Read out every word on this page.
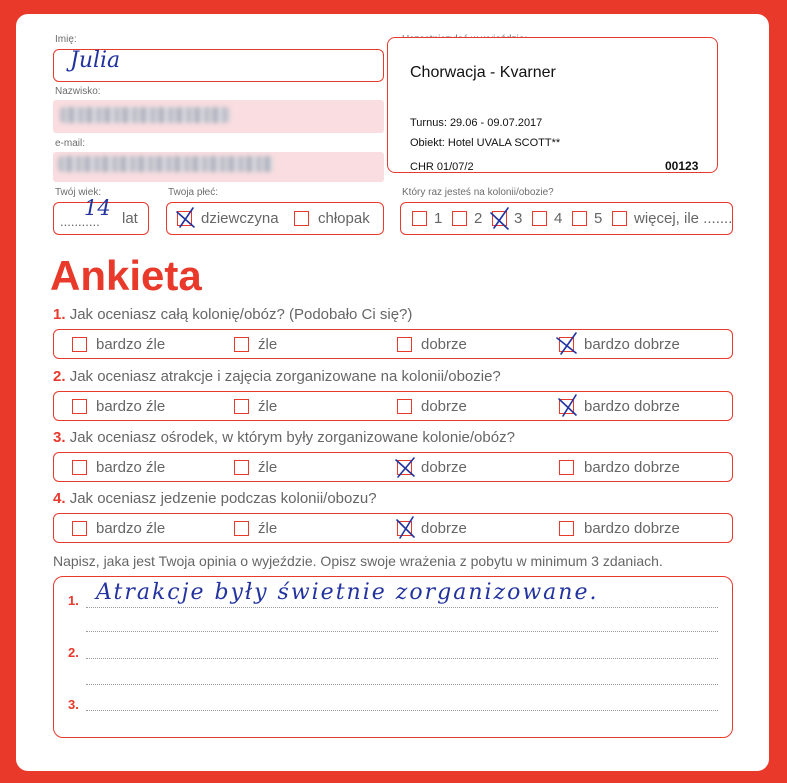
Imię:
Julia
Nazwisko:
e-mail:
Twój wiek:
...........
14 lat
Twoja płeć:
dziewczyna	chłopak
Chorwacja - Kvarner
Turnus: 29.06 - 09.07.2017
Obiekt: Hotel UVALA SCOTT**
CHR 01/07/2	00123
Który raz jesteś na kolonii/obozie?
1 2 3 4 5 więcej, ile .......
Ankieta
1. Jak oceniasz całą kolonię/obóz? (Podobało Ci się?)
bardzo źle	źle	dobrze	bardzo dobrze
2. Jak oceniasz atrakcje i zajęcia zorganizowane na kolonii/obozie?
bardzo źle	źle	dobrze	bardzo dobrze
3. Jak oceniasz ośrodek, w którym były zorganizowane kolonie/obóz?
bardzo źle	źle	dobrze	bardzo dobrze
4. Jak oceniasz jedzenie podczas kolonii/obozu?
bardzo źle	źle	dobrze	bardzo dobrze
Napisz, jaka jest Twoja opinia o wyjeździe. Opisz swoje wrażenia z pobytu w minimum 3 zdaniach.
1.
2.
3.
Atrakcje były świetnie zorganizowane.
